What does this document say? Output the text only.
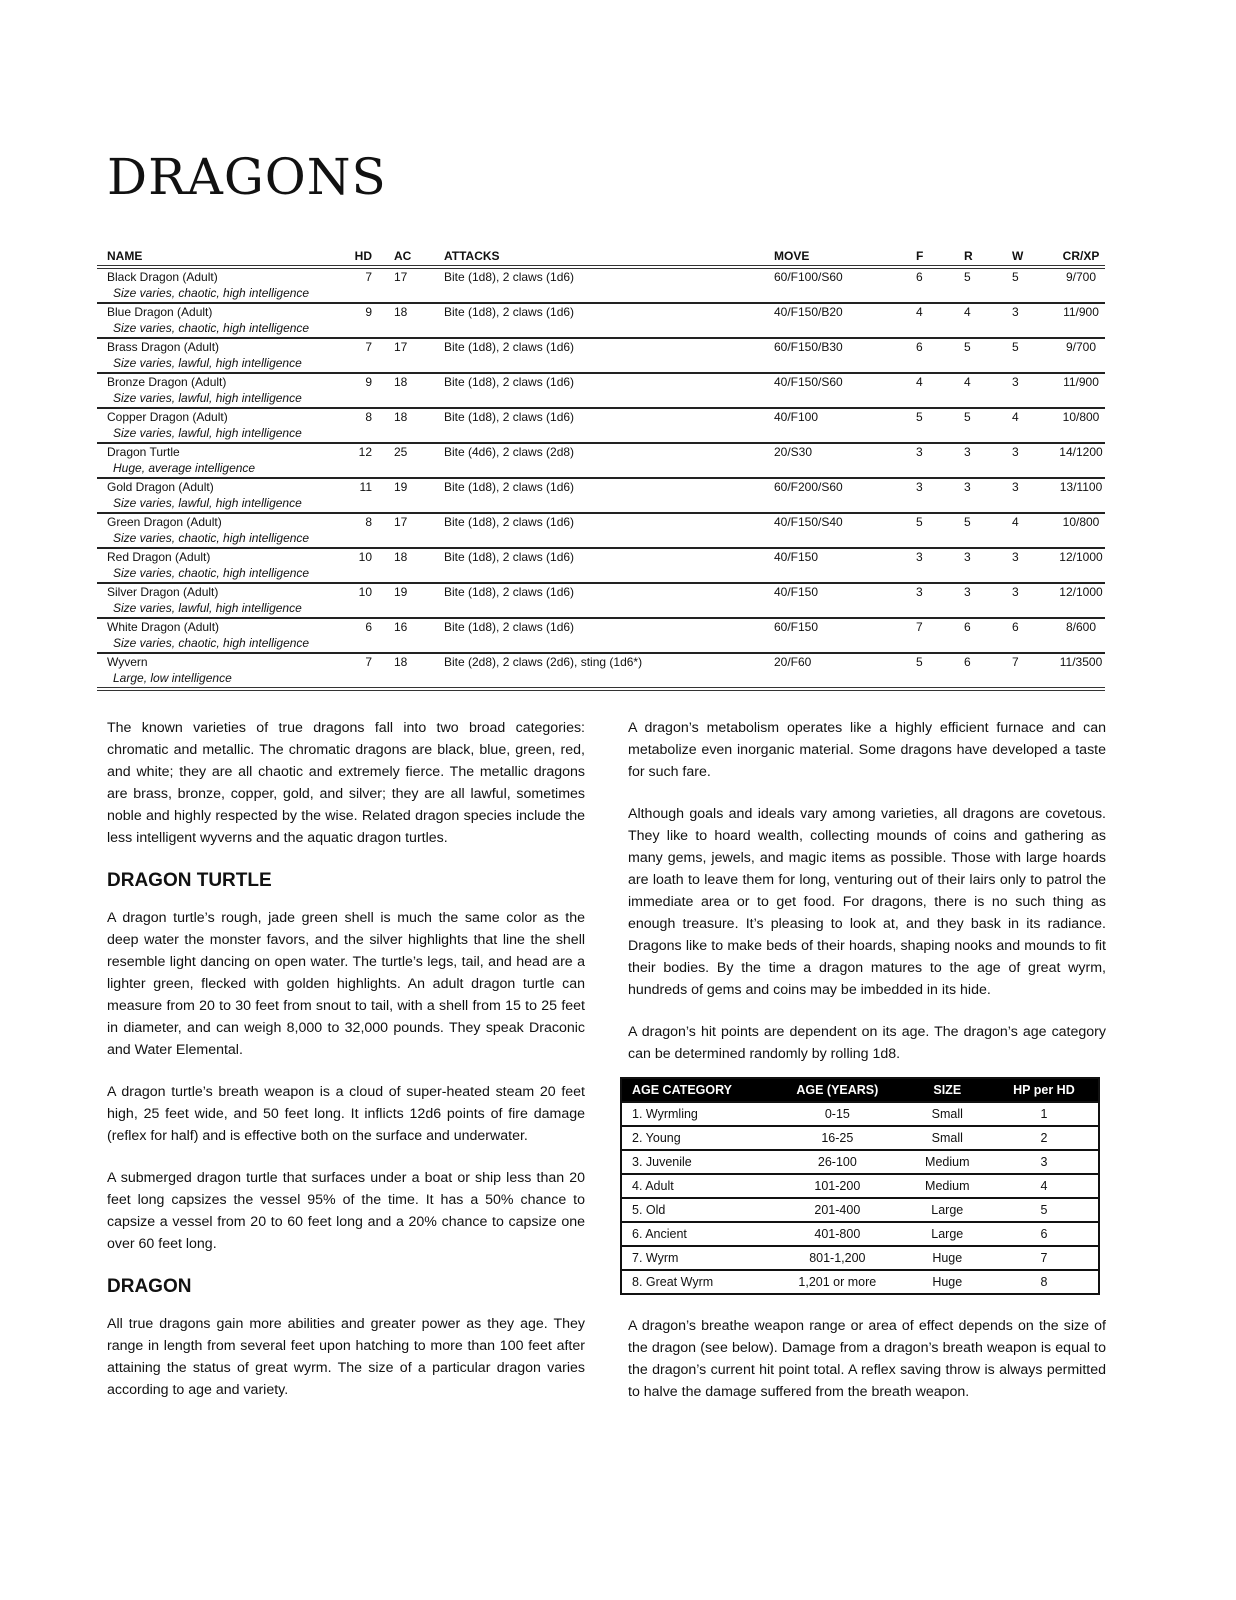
DRAGONS
NAME	HD	AC	ATTACKS	MOVE	F	R	W	CR/XP
Black Dragon (Adult)	7	17	Bite (1d8), 2 claws (1d6)	60/F100/S60	6	5	5	9/700
Size varies, chaotic, high intelligence								
Blue Dragon (Adult)	9	18	Bite (1d8), 2 claws (1d6)	40/F150/B20	4	4	3	11/900
Size varies, chaotic, high intelligence								
Brass Dragon (Adult)	7	17	Bite (1d8), 2 claws (1d6)	60/F150/B30	6	5	5	9/700
Size varies, lawful, high intelligence								
Bronze Dragon (Adult)	9	18	Bite (1d8), 2 claws (1d6)	40/F150/S60	4	4	3	11/900
Size varies, lawful, high intelligence								
Copper Dragon (Adult)	8	18	Bite (1d8), 2 claws (1d6)	40/F100	5	5	4	10/800
Size varies, lawful, high intelligence								
Dragon Turtle	12	25	Bite (4d6), 2 claws (2d8)	20/S30	3	3	3	14/1200
Huge, average intelligence								
Gold Dragon (Adult)	11	19	Bite (1d8), 2 claws (1d6)	60/F200/S60	3	3	3	13/1100
Size varies, lawful, high intelligence								
Green Dragon (Adult)	8	17	Bite (1d8), 2 claws (1d6)	40/F150/S40	5	5	4	10/800
Size varies, chaotic, high intelligence								
Red Dragon (Adult)	10	18	Bite (1d8), 2 claws (1d6)	40/F150	3	3	3	12/1000
Size varies, chaotic, high intelligence								
Silver Dragon (Adult)	10	19	Bite (1d8), 2 claws (1d6)	40/F150	3	3	3	12/1000
Size varies, lawful, high intelligence								
White Dragon (Adult)	6	16	Bite (1d8), 2 claws (1d6)	60/F150	7	6	6	8/600
Size varies, chaotic, high intelligence								
Wyvern	7	18	Bite (2d8), 2 claws (2d6), sting (1d6*)	20/F60	5	6	7	11/3500
Large, low intelligence								

The known varieties of true dragons fall into two broad categories: chromatic and metallic. The chromatic dragons are black, blue, green, red, and white; they are all chaotic and extremely fierce. The metallic dragons are brass, bronze, copper, gold, and silver; they are all lawful, sometimes noble and highly respected by the wise. Related dragon species include the less intelligent wyverns and the aquatic dragon turtles.

DRAGON TURTLE

A dragon turtle’s rough, jade green shell is much the same color as the deep water the monster favors, and the silver highlights that line the shell resemble light dancing on open water. The turtle’s legs, tail, and head are a lighter green, flecked with golden highlights. An adult dragon turtle can measure from 20 to 30 feet from snout to tail, with a shell from 15 to 25 feet in diameter, and can weigh 8,000 to 32,000 pounds. They speak Draconic and Water Elemental.

A dragon turtle’s breath weapon is a cloud of super-heated steam 20 feet high, 25 feet wide, and 50 feet long. It inflicts 12d6 points of fire damage (reflex for half) and is effective both on the surface and underwater.

A submerged dragon turtle that surfaces under a boat or ship less than 20 feet long capsizes the vessel 95% of the time. It has a 50% chance to capsize a vessel from 20 to 60 feet long and a 20% chance to capsize one over 60 feet long.

DRAGON

All true dragons gain more abilities and greater power as they age. They range in length from several feet upon hatching to more than 100 feet after attaining the status of great wyrm. The size of a particular dragon varies according to age and variety.

A dragon’s metabolism operates like a highly efficient furnace and can metabolize even inorganic material. Some dragons have developed a taste for such fare.

Although goals and ideals vary among varieties, all dragons are covetous. They like to hoard wealth, collecting mounds of coins and gathering as many gems, jewels, and magic items as possible. Those with large hoards are loath to leave them for long, venturing out of their lairs only to patrol the immediate area or to get food. For dragons, there is no such thing as enough treasure. It’s pleasing to look at, and they bask in its radiance. Dragons like to make beds of their hoards, shaping nooks and mounds to fit their bodies. By the time a dragon matures to the age of great wyrm, hundreds of gems and coins may be imbedded in its hide.

A dragon’s hit points are dependent on its age. The dragon’s age category can be determined randomly by rolling 1d8.

AGE CATEGORY	AGE (YEARS)	SIZE	HP per HD
1. Wyrmling	0-15	Small	1
2. Young	16-25	Small	2
3. Juvenile	26-100	Medium	3
4. Adult	101-200	Medium	4
5. Old	201-400	Large	5
6. Ancient	401-800	Large	6
7. Wyrm	801-1,200	Huge	7
8. Great Wyrm	1,201 or more	Huge	8

A dragon’s breathe weapon range or area of effect depends on the size of the dragon (see below). Damage from a dragon’s breath weapon is equal to the dragon’s current hit point total. A reflex saving throw is always permitted to halve the damage suffered from the breath weapon.
